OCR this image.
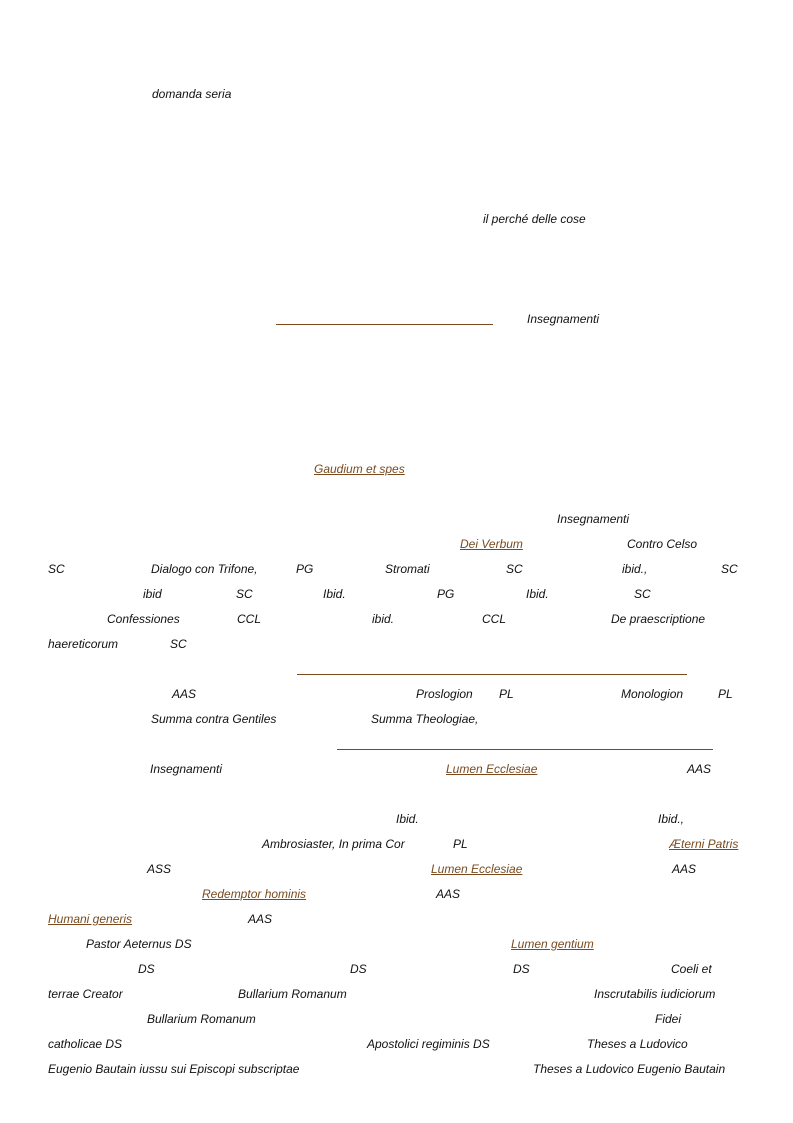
domanda seria
il perché delle cose
Insegnamenti
Gaudium et spes
Insegnamenti
Dei Verbum	Contro Celso
SC	Dialogo con Trifone,	PG	Stromati	SC	ibid.,	SC
ibid	SC	Ibid.	PG	Ibid.	SC
Confessiones	CCL	ibid.	CCL	De praescriptione
haereticorum	SC
AAS	Proslogion PL	Monologion	PL
Summa contra Gentiles	Summa Theologiae,
Insegnamenti	Lumen Ecclesiae	AAS
Ibid.	Ibid.,
Ambrosiaster, In prima Cor	PL	Æterni Patris
ASS	Lumen Ecclesiae	AAS
Redemptor hominis	AAS
Humani generis	AAS
Pastor Aeternus DS	Lumen gentium
DS	DS	DS	Coeli et
terrae Creator	Bullarium Romanum	Inscrutabilis iudiciorum
Bullarium Romanum	Fidei
catholicae DS	Apostolici regiminis DS	Theses a Ludovico
Eugenio Bautain iussu sui Episcopi subscriptae	Theses a Ludovico Eugenio Bautain
